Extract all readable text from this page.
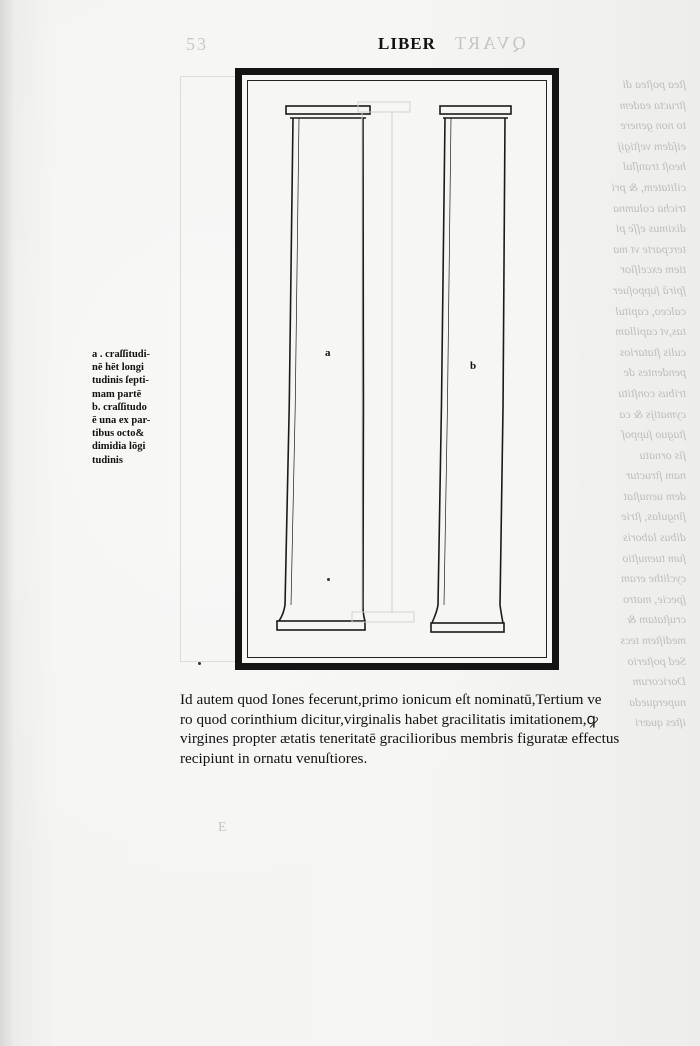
53	LIBER QVART
ſtea poſtea di
ſtructa eadem
to non genere
eiſdem veſtigij
heoſt tranſlul
cilitatem, & pri
tricha columna
diximus eſſe pi
tercparte vt ma
tiem excelſior
ſpirā ſuppoſuer
calceo, capitul
tas,vt capillam
culis ſtatarios
pendentes de
tribus conſtitu
cymatijs & ca
ſtaguo ſuppoſ
ſis ornatu
nam ſtructur
dem uenuſtat
ſingulas, ſtrie
dibus laboris
ſum tuenuſtio
cyclithe eram
ſpecie, matro
cruſtatam &
mediſtem tecs
Sed poſterio
Doricorum
nuperqueda
iſtes quæri
a
b
a . craſſitudi-
nē hēt longi
tudinis ſepti-
mam partē
b. craſſitudo
ē una ex par-
tibus octo&
dimidia lōgi
tudinis
Id autem quod Iones fecerunt,primo ionicum eſt nominatū,Tertium ve
ro quod corinthium dicitur,virginalis habet gracilitatis imitationem,ꝙ
virgines propter ætatis teneritatē gracilioribus membris figuratæ effectus
recipiunt in ornatu venuſtiores.
E
